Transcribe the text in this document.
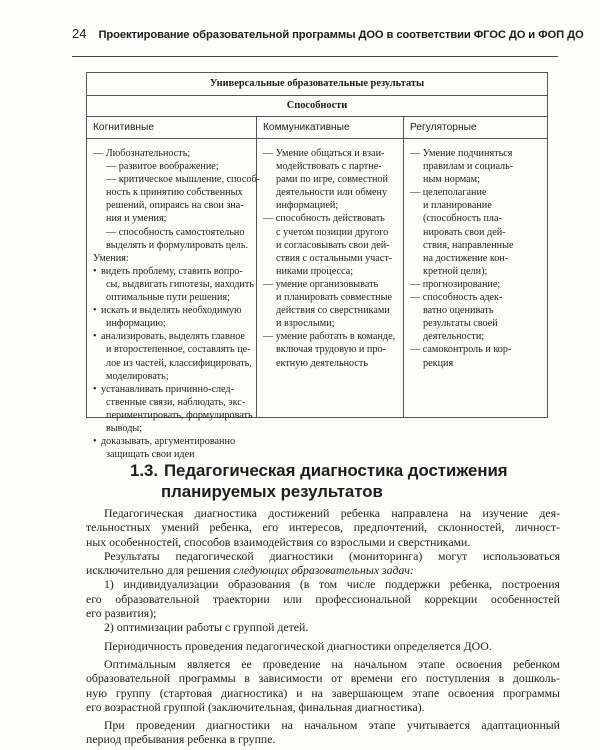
24 Проектирование образовательной программы ДОО в соответствии ФГОС ДО и ФОП ДО
Универсальные образовательные результаты
Способности
Когнитивные	Коммуникативные	Регуляторные
— Любознательность;
— развитое воображение;
— критическое мышление, способ-
ность к принятию собственных
решений, опираясь на свои зна-
ния и умения;
— способность самостоятельно
выделять и формулировать цель.
Умения:
• видеть проблему, ставить вопро-
сы, выдвигать гипотезы, находить
оптимальные пути решения;
• искать и выделять необходимую
информацию;
• анализировать, выделять главное
и второстепенное, составлять це-
лое из частей, классифицировать,
моделировать;
• устанавливать причинно-след-
ственные связи, наблюдать, экс-
периментировать, формулировать
выводы;
• доказывать, аргументированно
защищать свои идеи
— Умение общаться и взаи-
модействовать с партне-
рами по игре, совместной
деятельности или обмену
информацией;
— способность действовать
с учетом позиции другого
и согласовывать свои дей-
ствия с остальными участ-
никами процесса;
— умение организовывать
и планировать совместные
действия со сверстниками
и взрослыми;
— умение работать в команде,
включая трудовую и про-
ектную деятельность
— Умение подчиняться
правилам и социаль-
ным нормам;
— целеполагание
и планирование
(способность пла-
нировать свои дей-
ствия, направленные
на достижение кон-
кретной цели);
— прогнозирование;
— способность адек-
ватно оценивать
результаты своей
деятельности;
— самоконтроль и кор-
рекция
1.3. Педагогическая диагностика достижения
планируемых результатов
Педагогическая диагностика достижений ребенка направлена на изучение дея-
тельностных умений ребенка, его интересов, предпочтений, склонностей, личност-
ных особенностей, способов взаимодействия со взрослыми и сверстниками.
Результаты педагогической диагностики (мониторинга) могут использоваться
исключительно для решения следующих образовательных задач:
1) индивидуализации образования (в том числе поддержки ребенка, построения
его образовательной траектории или профессиональной коррекции особенностей
его развития);
2) оптимизации работы с группой детей.
Периодичность проведения педагогической диагностики определяется ДОО.
Оптимальным является ее проведение на начальном этапе освоения ребенком
образовательной программы в зависимости от времени его поступления в дошколь-
ную группу (стартовая диагностика) и на завершающем этапе освоения программы
его возрастной группой (заключительная, финальная диагностика).
При проведении диагностики на начальном этапе учитывается адаптационный
период пребывания ребенка в группе.
